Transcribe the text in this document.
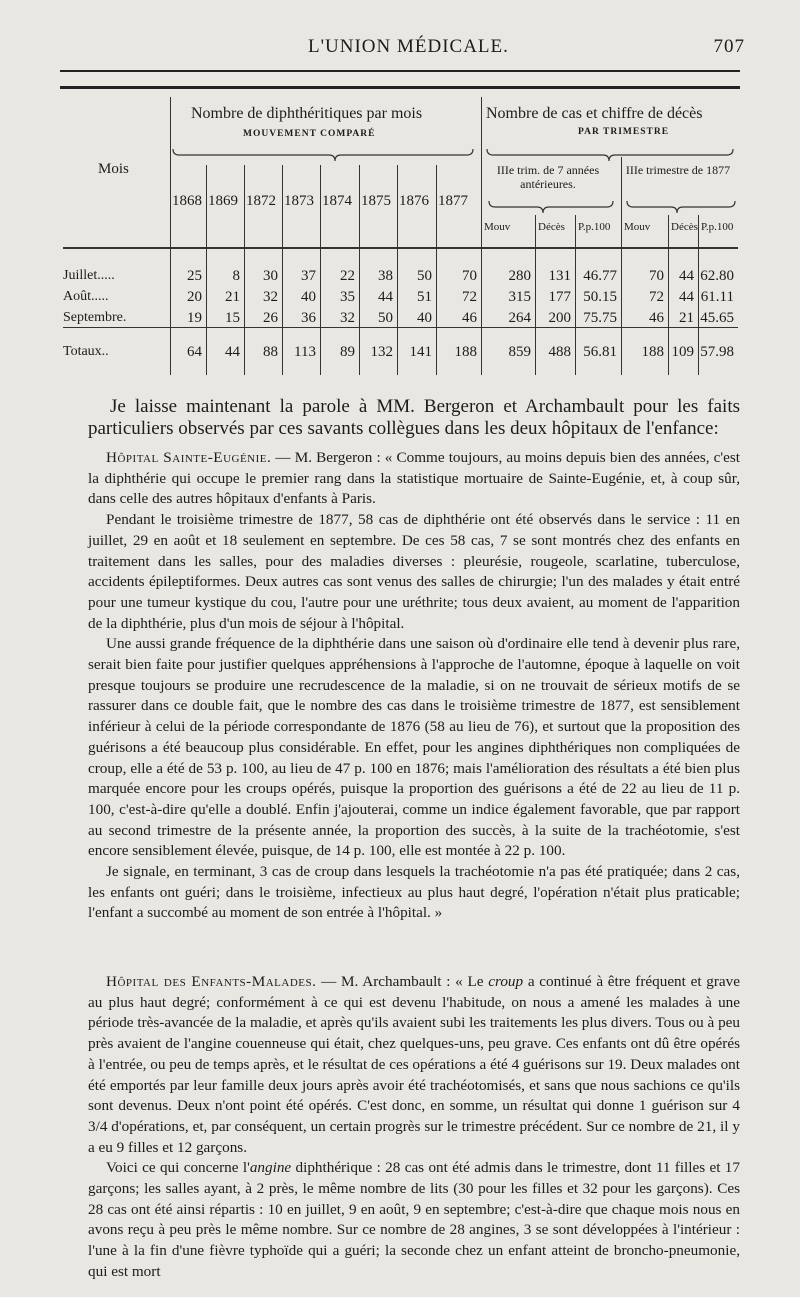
L'UNION MÉDICALE.	707
Mois
Nombre de diphthéritiques par mois
MOUVEMENT COMPARÉ
Nombre de cas et chiffre de décès
PAR TRIMESTRE
IIIe trim. de 7 années antérieures.
IIIe trimestre de 1877
1868 1869 1872 1873 1874 1875 1876 1877
Mouv	Décès P.p.100 Mouv Décès P.p.100
Juillet.....	25	8	30	37	22	38	50	70	280	131 46.77	70	44 62.80
Août.....	20	21	32	40	35	44	51	72	315	177 50.15	72	44 61.11
Septembre.	19	15	26	36	32	50	40	46	264	200 75.75	46	21 45.65
Totaux..	64	44	88	113	89	132	141	188	859	488 56.81	188 109 57.98
Je laisse maintenant la parole à MM. Bergeron et Archambault pour les faits particuliers observés par ces savants collègues dans les deux hôpitaux de l'enfance:

Hôpital Sainte-Eugénie. — M. Bergeron : « Comme toujours, au moins depuis bien des années, c'est la diphthérie qui occupe le premier rang dans la statistique mortuaire de Sainte-Eugénie, et, à coup sûr, dans celle des autres hôpitaux d'enfants à Paris.

Pendant le troisième trimestre de 1877, 58 cas de diphthérie ont été observés dans le service : 11 en juillet, 29 en août et 18 seulement en septembre. De ces 58 cas, 7 se sont montrés chez des enfants en traitement dans les salles, pour des maladies diverses : pleurésie, rougeole, scarlatine, tuberculose, accidents épileptiformes. Deux autres cas sont venus des salles de chirurgie; l'un des malades y était entré pour une tumeur kystique du cou, l'autre pour une uréthrite; tous deux avaient, au moment de l'apparition de la diphthérie, plus d'un mois de séjour à l'hôpital.

Une aussi grande fréquence de la diphthérie dans une saison où d'ordinaire elle tend à devenir plus rare, serait bien faite pour justifier quelques appréhensions à l'approche de l'automne, époque à laquelle on voit presque toujours se produire une recrudescence de la maladie, si on ne trouvait de sérieux motifs de se rassurer dans ce double fait, que le nombre des cas dans le troisième trimestre de 1877, est sensiblement inférieur à celui de la période correspondante de 1876 (58 au lieu de 76), et surtout que la proposition des guérisons a été beaucoup plus considérable. En effet, pour les angines diphthériques non compliquées de croup, elle a été de 53 p. 100, au lieu de 47 p. 100 en 1876; mais l'amélioration des résultats a été bien plus marquée encore pour les croups opérés, puisque la proportion des guérisons a été de 22 au lieu de 11 p. 100, c'est-à-dire qu'elle a doublé. Enfin j'ajouterai, comme un indice également favorable, que par rapport au second trimestre de la présente année, la proportion des succès, à la suite de la trachéotomie, s'est encore sensiblement élevée, puisque, de 14 p. 100, elle est montée à 22 p. 100.

Je signale, en terminant, 3 cas de croup dans lesquels la trachéotomie n'a pas été pratiquée; dans 2 cas, les enfants ont guéri; dans le troisième, infectieux au plus haut degré, l'opération n'était plus praticable; l'enfant a succombé au moment de son entrée à l'hôpital. »

Hôpital des Enfants-Malades. — M. Archambault : « Le croup a continué à être fréquent et grave au plus haut degré; conformément à ce qui est devenu l'habitude, on nous a amené les malades à une période très-avancée de la maladie, et après qu'ils avaient subi les traitements les plus divers. Tous ou à peu près avaient de l'angine couenneuse qui était, chez quelques-uns, peu grave. Ces enfants ont dû être opérés à l'entrée, ou peu de temps après, et le résultat de ces opérations a été 4 guérisons sur 19. Deux malades ont été emportés par leur famille deux jours après avoir été trachéotomisés, et sans que nous sachions ce qu'ils sont devenus. Deux n'ont point été opérés. C'est donc, en somme, un résultat qui donne 1 guérison sur 4 3/4 d'opérations, et, par conséquent, un certain progrès sur le trimestre précédent. Sur ce nombre de 21, il y a eu 9 filles et 12 garçons.

Voici ce qui concerne l'angine diphthérique : 28 cas ont été admis dans le trimestre, dont 11 filles et 17 garçons; les salles ayant, à 2 près, le même nombre de lits (30 pour les filles et 32 pour les garçons). Ces 28 cas ont été ainsi répartis : 10 en juillet, 9 en août, 9 en septembre; c'est-à-dire que chaque mois nous en avons reçu à peu près le même nombre. Sur ce nombre de 28 angines, 3 se sont développées à l'intérieur : l'une à la fin d'une fièvre typhoïde qui a guéri; la seconde chez un enfant atteint de broncho-pneumonie, qui est mort
